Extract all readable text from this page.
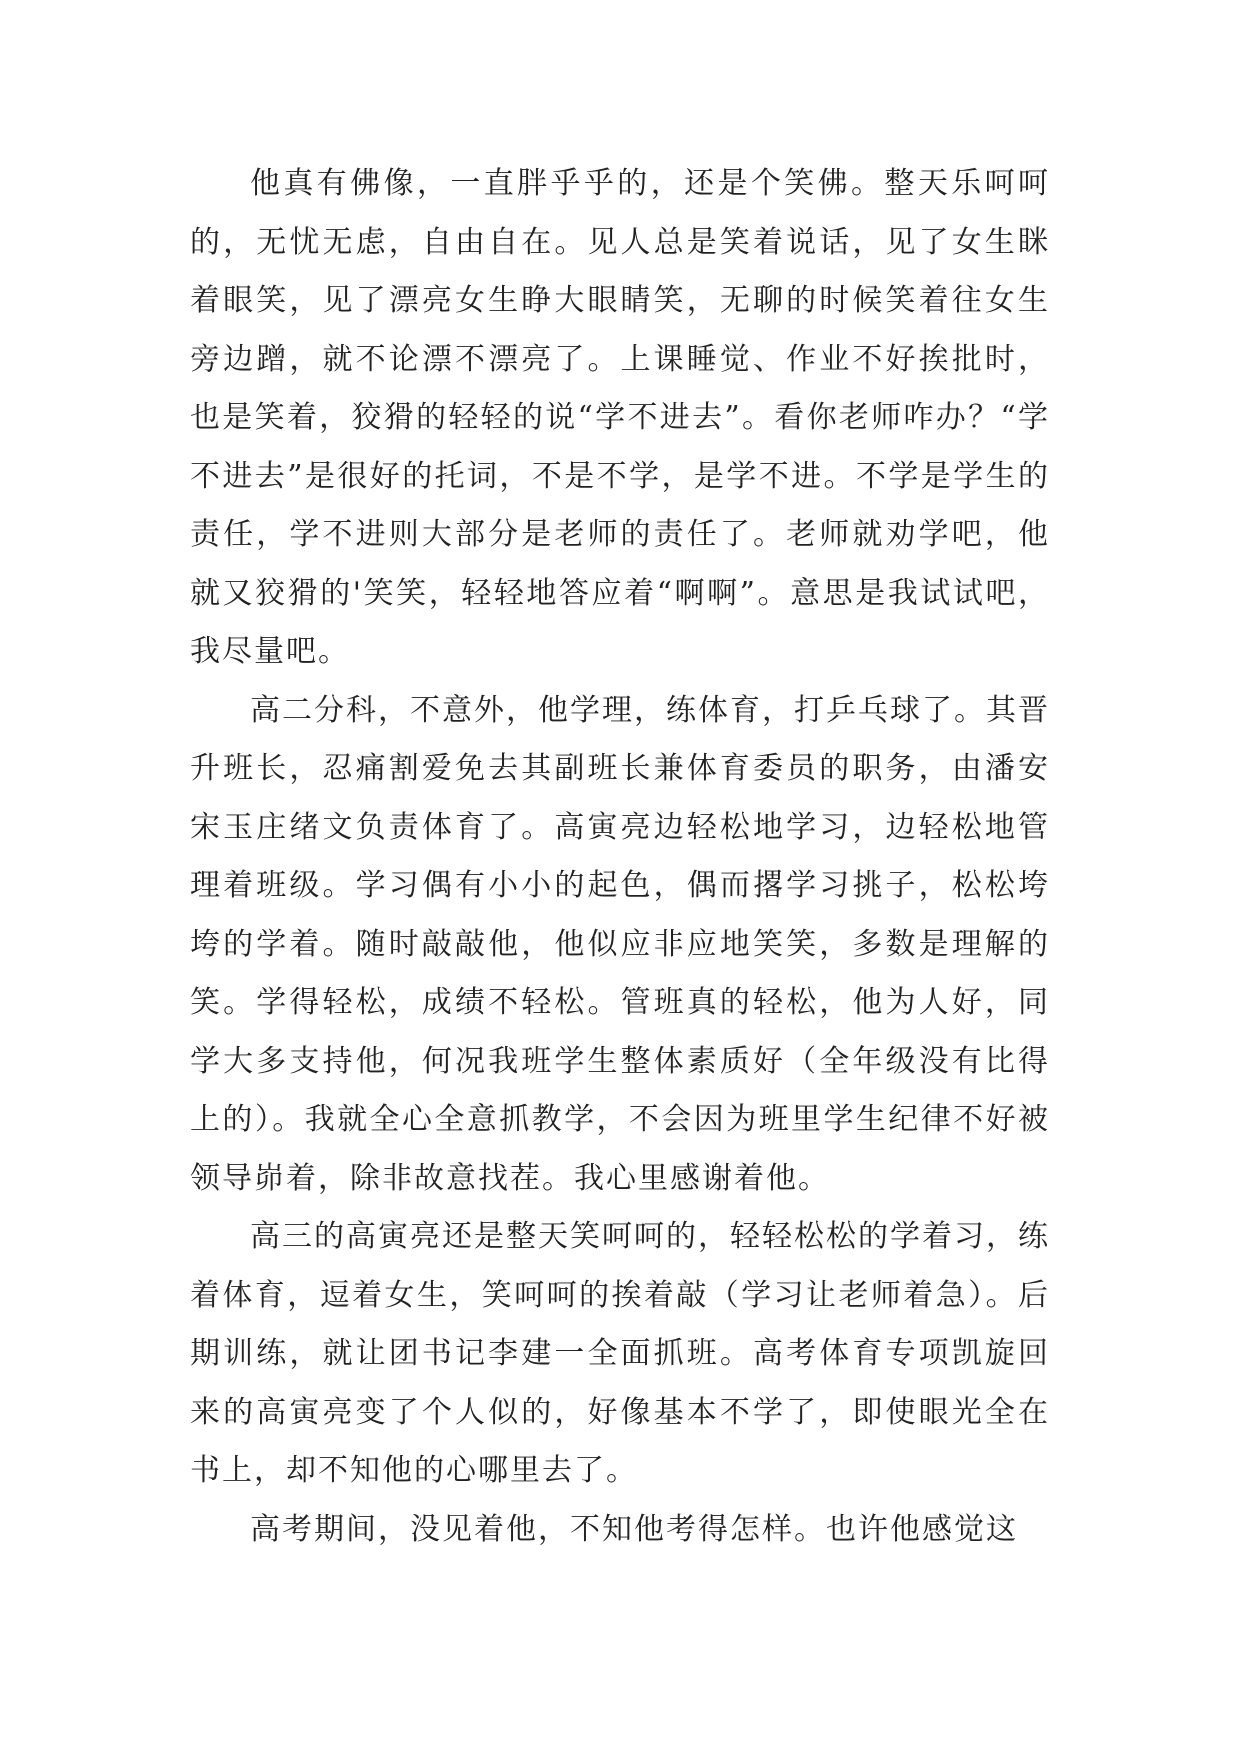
他真有佛像，一直胖乎乎的，还是个笑佛。整天乐呵呵的，无忧无虑，自由自在。见人总是笑着说话，见了女生眯着眼笑，见了漂亮女生睁大眼睛笑，无聊的时候笑着往女生旁边蹭，就不论漂不漂亮了。上课睡觉、作业不好挨批时，也是笑着，狡猾的轻轻的说“学不进去”。看你老师咋办？“学不进去”是很好的托词，不是不学，是学不进。不学是学生的责任，学不进则大部分是老师的责任了。老师就劝学吧，他就又狡猾的'笑笑，轻轻地答应着“啊啊”。意思是我试试吧，我尽量吧。

高二分科，不意外，他学理，练体育，打乒乓球了。其晋升班长，忍痛割爱免去其副班长兼体育委员的职务，由潘安宋玉庄绪文负责体育了。高寅亮边轻松地学习，边轻松地管理着班级。学习偶有小小的起色，偶而撂学习挑子，松松垮垮的学着。随时敲敲他，他似应非应地笑笑，多数是理解的笑。学得轻松，成绩不轻松。管班真的轻松，他为人好，同学大多支持他，何况我班学生整体素质好（全年级没有比得上的）。我就全心全意抓教学，不会因为班里学生纪律不好被领导峁着，除非故意找茬。我心里感谢着他。

高三的高寅亮还是整天笑呵呵的，轻轻松松的学着习，练着体育，逗着女生，笑呵呵的挨着敲（学习让老师着急）。后期训练，就让团书记李建一全面抓班。高考体育专项凯旋回来的高寅亮变了个人似的，好像基本不学了，即使眼光全在书上，却不知他的心哪里去了。

高考期间，没见着他，不知他考得怎样。也许他感觉这
